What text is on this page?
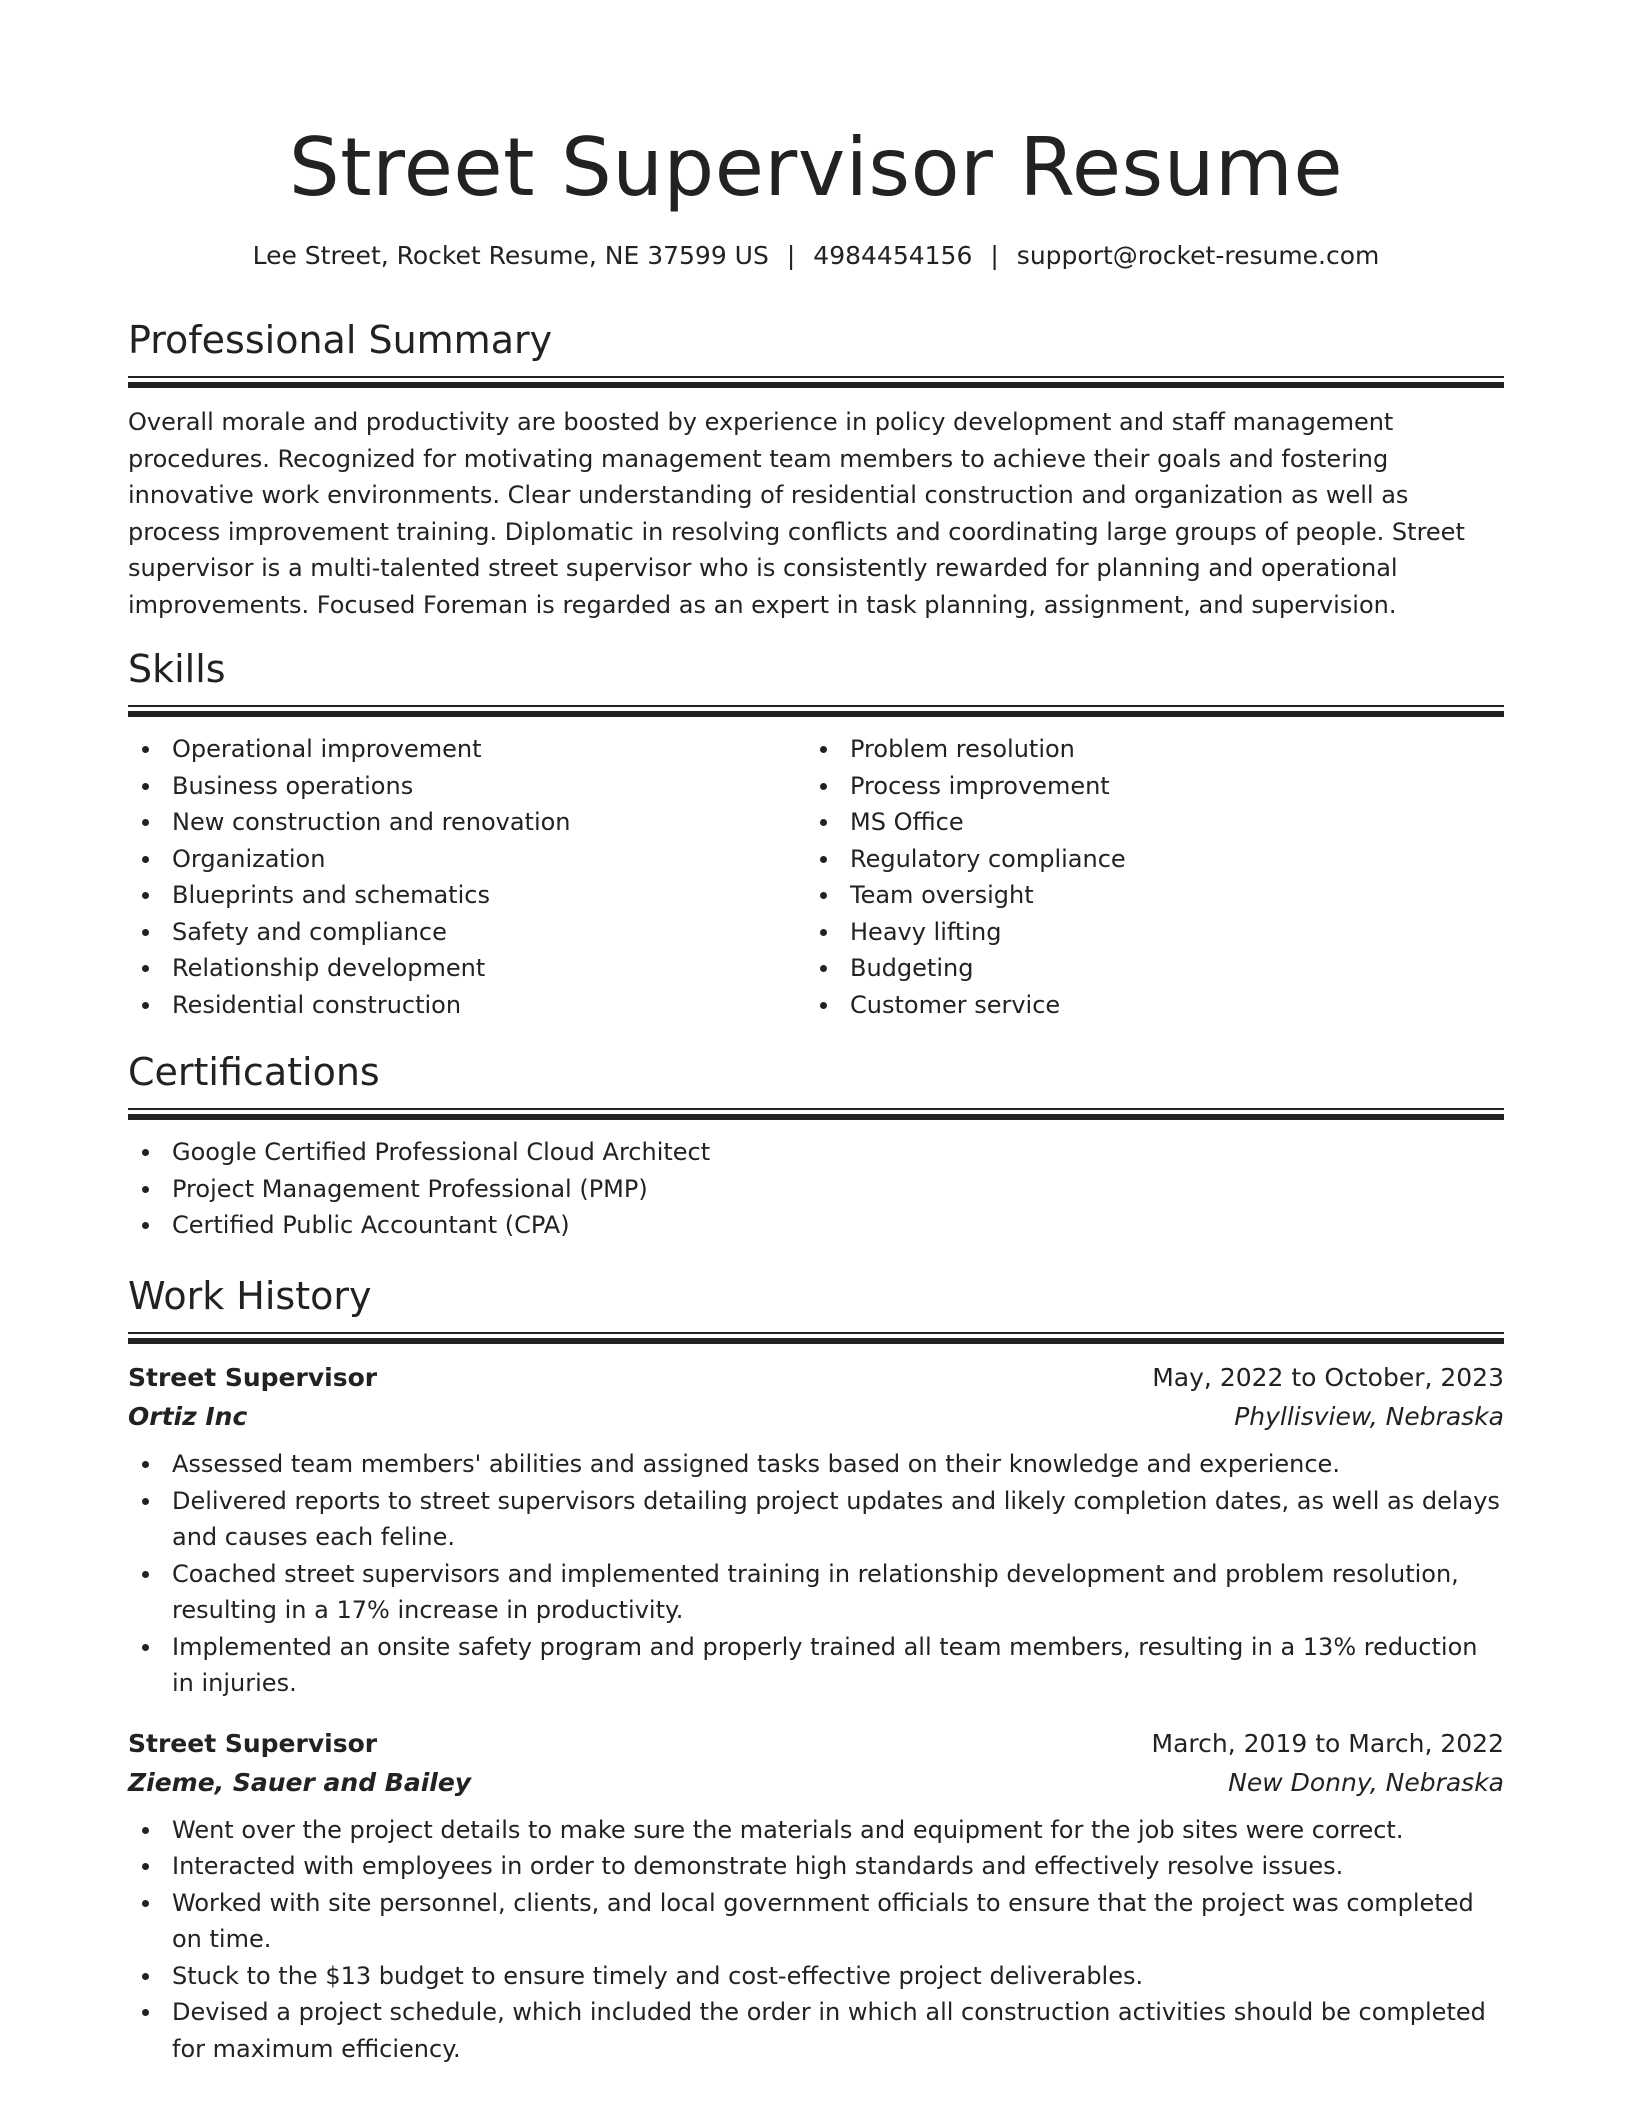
Street Supervisor Resume
Lee Street, Rocket Resume, NE 37599 US | 4984454156 | support@rocket-resume.com
Professional Summary

Overall morale and productivity are boosted by experience in policy development and staff management procedures. Recognized for motivating management team members to achieve their goals and fostering innovative work environments. Clear understanding of residential construction and organization as well as process improvement training. Diplomatic in resolving conflicts and coordinating large groups of people. Street supervisor is a multi-talented street supervisor who is consistently rewarded for planning and operational improvements. Focused Foreman is regarded as an expert in task planning, assignment, and supervision.

Skills
Operational improvement
Business operations
New construction and renovation
Organization
Blueprints and schematics
Safety and compliance
Relationship development
Residential construction
Problem resolution
Process improvement
MS Office
Regulatory compliance
Team oversight
Heavy lifting
Budgeting
Customer service
Certifications
Google Certified Professional Cloud Architect
Project Management Professional (PMP)
Certified Public Accountant (CPA)
Work History
Street Supervisor	May, 2022 to October, 2023
Ortiz Inc	Phyllisview, Nebraska
Assessed team members' abilities and assigned tasks based on their knowledge and experience.
Delivered reports to street supervisors detailing project updates and likely completion dates, as well as delays and causes each feline.
Coached street supervisors and implemented training in relationship development and problem resolution, resulting in a 17% increase in productivity.
Implemented an onsite safety program and properly trained all team members, resulting in a 13% reduction in injuries.
Street Supervisor	March, 2019 to March, 2022
Zieme, Sauer and Bailey	New Donny, Nebraska
Went over the project details to make sure the materials and equipment for the job sites were correct.
Interacted with employees in order to demonstrate high standards and effectively resolve issues.
Worked with site personnel, clients, and local government officials to ensure that the project was completed on time.
Stuck to the $13 budget to ensure timely and cost-effective project deliverables.
Devised a project schedule, which included the order in which all construction activities should be completed for maximum efficiency.
